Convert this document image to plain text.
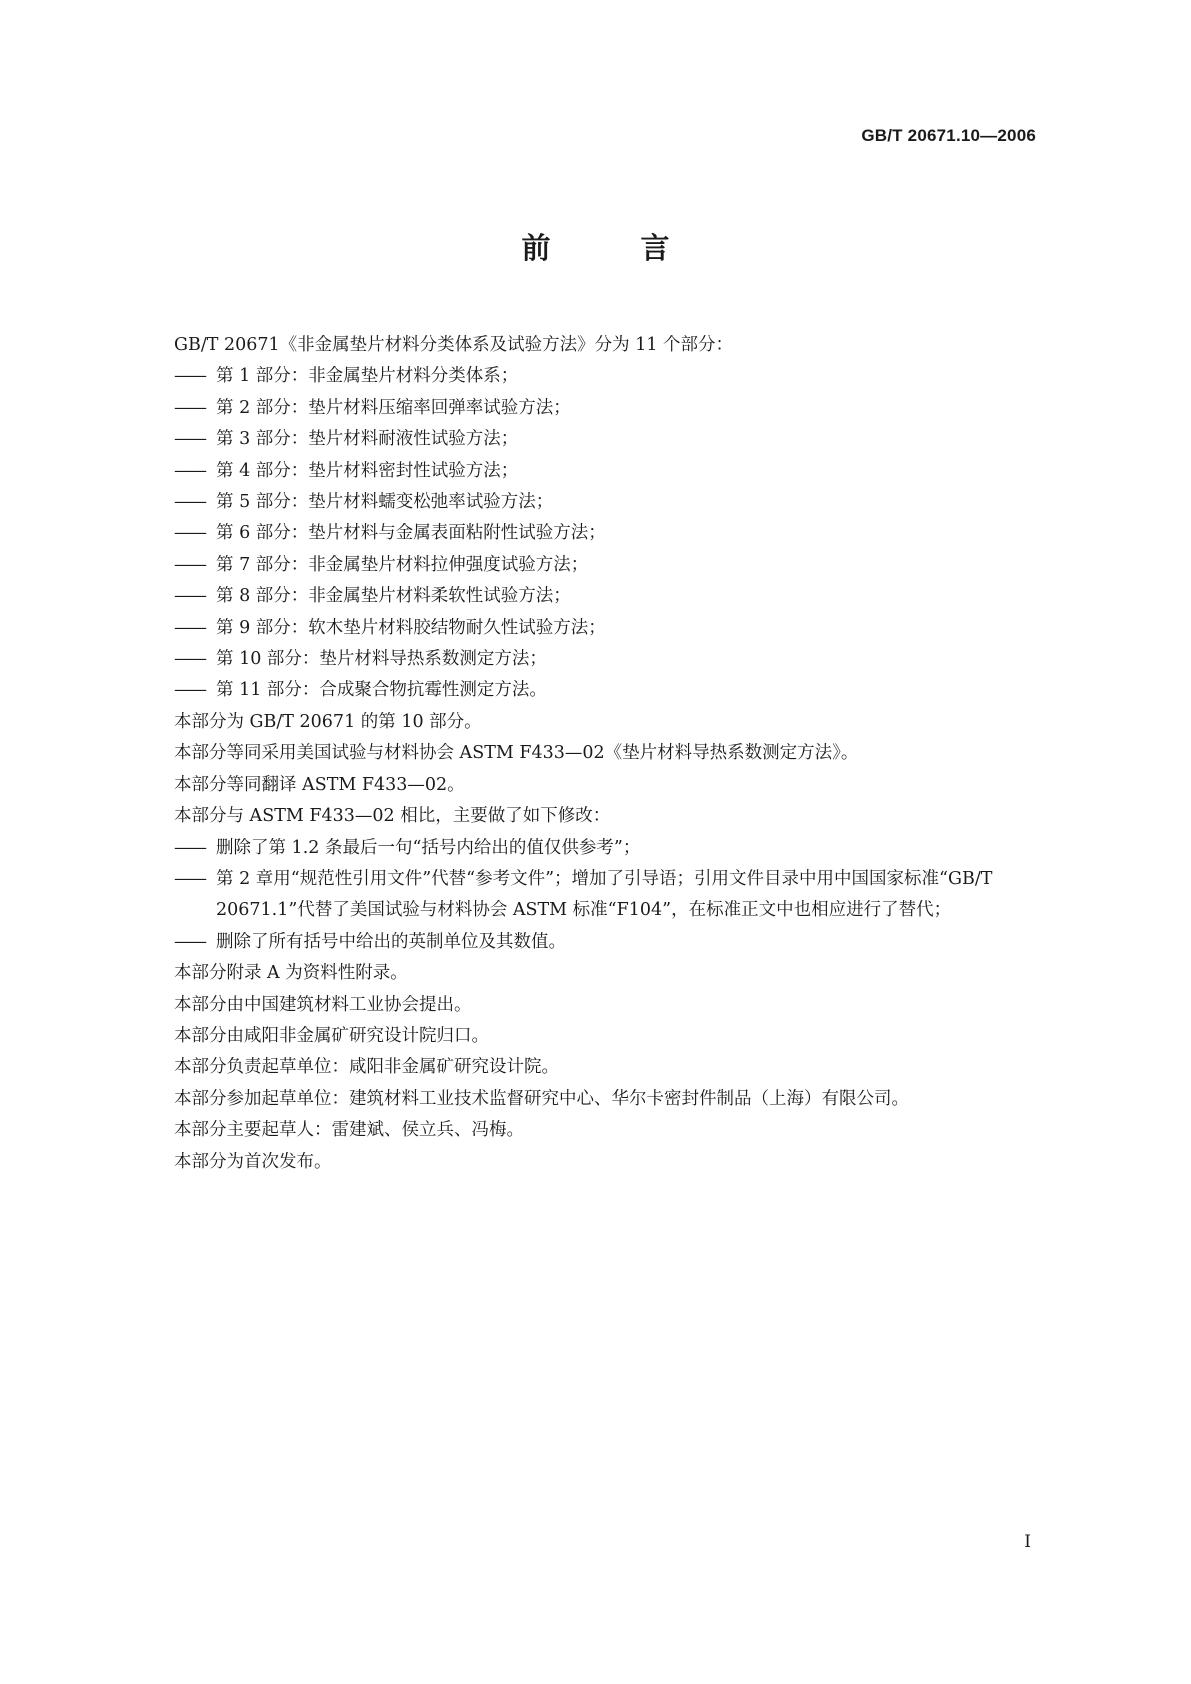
GB/T 20671.10—2006
前 言
GB/T 20671《非金属垫片材料分类体系及试验方法》分为 11 个部分：
—— 第 1 部分：非金属垫片材料分类体系；
—— 第 2 部分：垫片材料压缩率回弹率试验方法；
—— 第 3 部分：垫片材料耐液性试验方法；
—— 第 4 部分：垫片材料密封性试验方法；
—— 第 5 部分：垫片材料蠕变松弛率试验方法；
—— 第 6 部分：垫片材料与金属表面粘附性试验方法；
—— 第 7 部分：非金属垫片材料拉伸强度试验方法；
—— 第 8 部分：非金属垫片材料柔软性试验方法；
—— 第 9 部分：软木垫片材料胶结物耐久性试验方法；
—— 第 10 部分：垫片材料导热系数测定方法；
—— 第 11 部分：合成聚合物抗霉性测定方法。
本部分为 GB/T 20671 的第 10 部分。
本部分等同采用美国试验与材料协会 ASTM F433—02《垫片材料导热系数测定方法》。
本部分等同翻译 ASTM F433—02。
本部分与 ASTM F433—02 相比，主要做了如下修改：
—— 删除了第 1.2 条最后一句“括号内给出的值仅供参考”；
—— 第 2 章用“规范性引用文件”代替“参考文件”；增加了引导语；引用文件目录中用中国国家标准“GB/T 20671.1”代替了美国试验与材料协会 ASTM 标准“F104”，在标准正文中也相应进行了替代；
—— 删除了所有括号中给出的英制单位及其数值。
本部分附录 A 为资料性附录。
本部分由中国建筑材料工业协会提出。
本部分由咸阳非金属矿研究设计院归口。
本部分负责起草单位：咸阳非金属矿研究设计院。
本部分参加起草单位：建筑材料工业技术监督研究中心、华尔卡密封件制品（上海）有限公司。
本部分主要起草人：雷建斌、侯立兵、冯梅。
本部分为首次发布。
I
